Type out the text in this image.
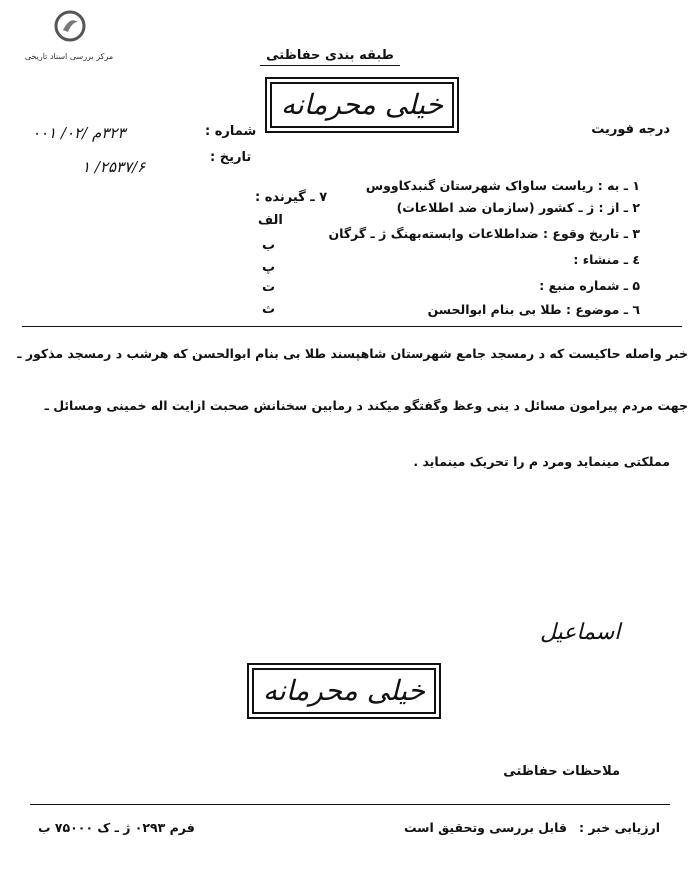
مرکز بررسی اسناد تاریخی	طبقه بندی حفاظتی
خیلی محرمانه
درجه فوریت
شماره :
تاریخ :
۳۲۳م /۰۲/ ۰۰۱
۲۵۳۷/۶/ ۱
۷ ـ گیرنده :
الف
ب
پ
ت
ث
۱ ـ به : ریاست ساواک شهرستان گنبدکاووس
۲ ـ از : ژ ـ کشور (سازمان ضد اطلاعات)
۳ ـ تاریخ وقوع : ضداطلاعات وابسته‌بهنگ ژ ـ گرگان
٤ ـ منشاء :
۵ ـ شماره منبع :
٦ ـ موضوع : طلا بی بنام ابوالحسن
خبر واصله حاکیست که د رمسجد جامع شهرستان شاهپسند طلا بی بنام ابوالحسن که هرشب د رمسجد مذکور ـ
جهت مردم پیرامون مسائل د ینی وعظ وگفتگو میکند د رمابین سخنانش صحبت ازایت اله خمینی ومسائل ـ
مملکتی مینماید ومرد م را تحریک مینماید .
اسماعیل
خیلی محرمانه
ملاحظات حفاظتی
ارزیابی خبر :
قابل بررسی وتحقیق است
فرم ۰۲۹۳ ژ ـ ک ۷۵۰۰۰ ب
